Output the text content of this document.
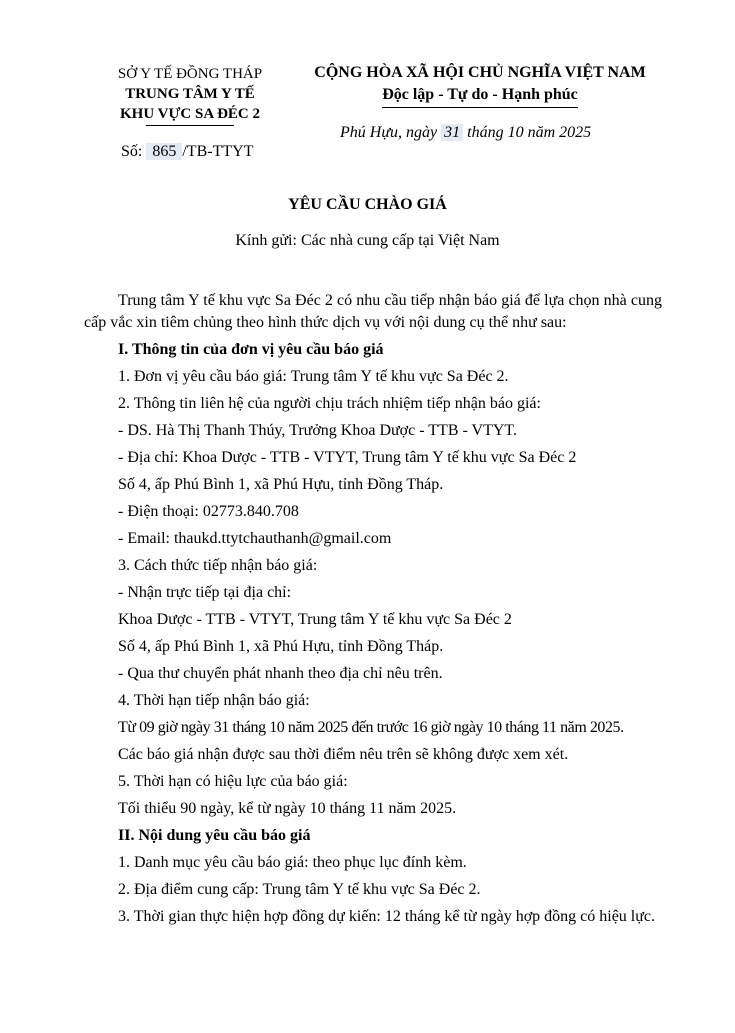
SỞ Y TẾ ĐỒNG THÁP
TRUNG TÂM Y TẾ
KHU VỰC SA ĐÉC 2
CỘNG HÒA XÃ HỘI CHỦ NGHĨA VIỆT NAM
Độc lập - Tự do - Hạnh phúc
Số: 865 /TB-TTYT
Phú Hựu, ngày 31 tháng 10 năm 2025
YÊU CẦU CHÀO GIÁ
Kính gửi: Các nhà cung cấp tại Việt Nam

Trung tâm Y tế khu vực Sa Đéc 2 có nhu cầu tiếp nhận báo giá để lựa chọn nhà cung cấp vắc xin tiêm chủng theo hình thức dịch vụ với nội dung cụ thể như sau:

I. Thông tin của đơn vị yêu cầu báo giá

1. Đơn vị yêu cầu báo giá: Trung tâm Y tế khu vực Sa Đéc 2.

2. Thông tin liên hệ của người chịu trách nhiệm tiếp nhận báo giá:

- DS. Hà Thị Thanh Thúy, Trưởng Khoa Dược - TTB - VTYT.

- Địa chỉ: Khoa Dược - TTB - VTYT, Trung tâm Y tế khu vực Sa Đéc 2

Số 4, ấp Phú Bình 1, xã Phú Hựu, tỉnh Đồng Tháp.

- Điện thoại: 02773.840.708

- Email: thaukd.ttytchauthanh@gmail.com

3. Cách thức tiếp nhận báo giá:

- Nhận trực tiếp tại địa chỉ:

Khoa Dược - TTB - VTYT, Trung tâm Y tế khu vực Sa Đéc 2

Số 4, ấp Phú Bình 1, xã Phú Hựu, tỉnh Đồng Tháp.

- Qua thư chuyển phát nhanh theo địa chỉ nêu trên.

4. Thời hạn tiếp nhận báo giá:

Từ 09 giờ ngày 31 tháng 10 năm 2025 đến trước 16 giờ ngày 10 tháng 11 năm 2025.

Các báo giá nhận được sau thời điểm nêu trên sẽ không được xem xét.

5. Thời hạn có hiệu lực của báo giá:

Tối thiểu 90 ngày, kể từ ngày 10 tháng 11 năm 2025.

II. Nội dung yêu cầu báo giá

1. Danh mục yêu cầu báo giá: theo phục lục đính kèm.

2. Địa điểm cung cấp: Trung tâm Y tế khu vực Sa Đéc 2.

3. Thời gian thực hiện hợp đồng dự kiến: 12 tháng kể từ ngày hợp đồng có hiệu lực.
